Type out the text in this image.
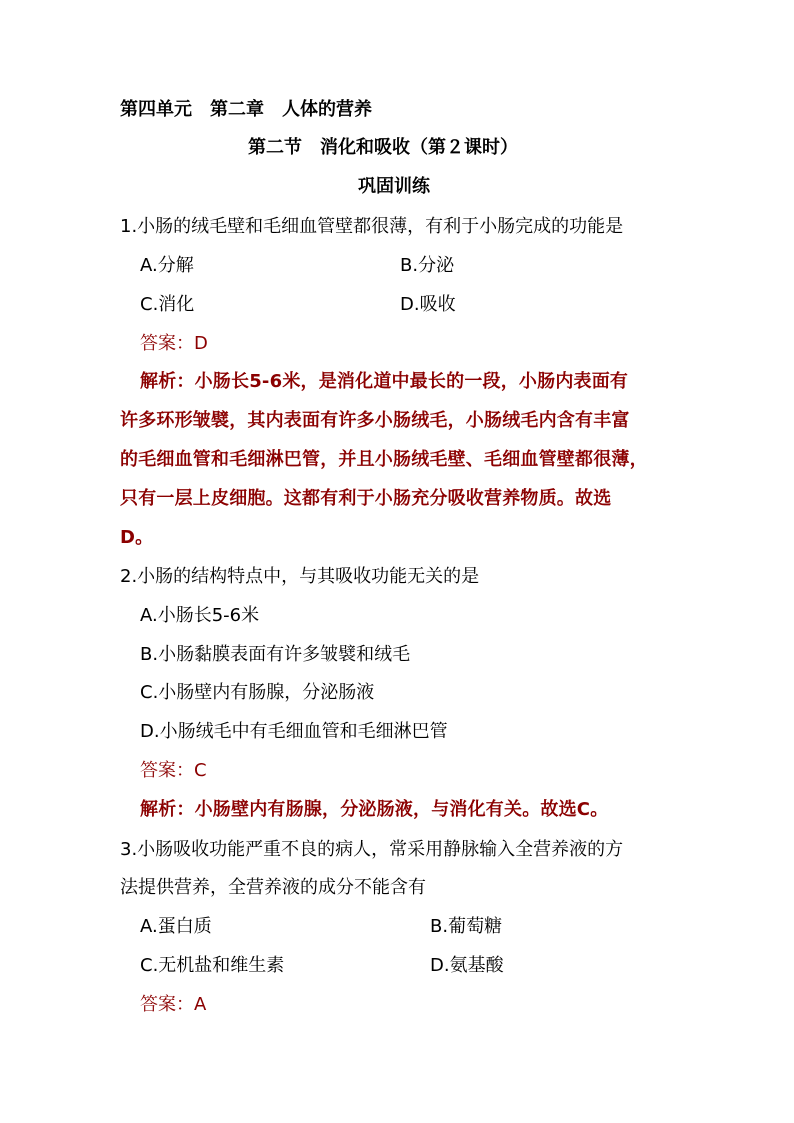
第四单元　第二章　人体的营养
第二节　消化和吸收（第２课时）
巩固训练
1.小肠的绒毛壁和毛细血管壁都很薄，有利于小肠完成的功能是
A.分解	B.分泌
C.消化	D.吸收
答案：D
解析：小肠长5-6米，是消化道中最长的一段，小肠内表面有
许多环形皱襞，其内表面有许多小肠绒毛，小肠绒毛内含有丰富
的毛细血管和毛细淋巴管，并且小肠绒毛壁、毛细血管壁都很薄，
只有一层上皮细胞。这都有利于小肠充分吸收营养物质。故选
D。
2.小肠的结构特点中，与其吸收功能无关的是
A.小肠长5-6米
B.小肠黏膜表面有许多皱襞和绒毛
C.小肠壁内有肠腺，分泌肠液
D.小肠绒毛中有毛细血管和毛细淋巴管
答案：C
解析：小肠壁内有肠腺，分泌肠液，与消化有关。故选C。
3.小肠吸收功能严重不良的病人，常采用静脉输入全营养液的方
法提供营养，全营养液的成分不能含有
A.蛋白质	B.葡萄糖
C.无机盐和维生素	D.氨基酸
答案：A
